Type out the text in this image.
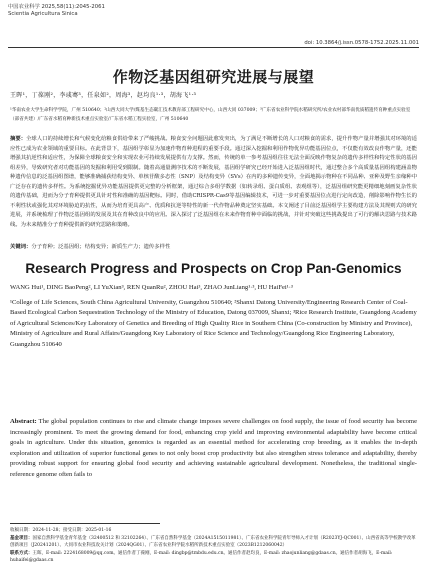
中国农业科学 2025,58(11):2045-2061
Scientia Agricultura Sinica
doi: 10.3864/j.issn.0578-1752.2025.11.001
作物泛基因组研究进展与展望
王晖¹，丁葆刚²，李彧骞³，任泉如²，周海³，赵均良¹·³，胡海飞¹·³
¹华南农业大学生命科学学院，广州 510640；²山西大同大学/煤基生态碳汇技术教育部工程研究中心，山西大同 037009；³广东省农业科学院水稻研究所/农业农村部华南优质稻遗传育种重点实验室（部省共建）/广东省水稻育种新技术重点实验室/广东省水稻工程实验室，广州 510640
摘要：全球人口的持续增长和气候变化给粮食供给带来了严峻挑战。粮食安全问题因此愈发突出，为了满足不断增长的人口对粮食的需求，提升作物产量并增强其对环境的适应性已成为农业领域的重要目标。在此背景下，基因组学彰显为加速作物育种进程的重要手段。通过深入挖掘和利用作物优异功能基因位点，不仅能有效改良作物产量，还能增强其抗逆性和适应性，为保障全球粮食安全和实现农业可持续发展提供有力支撑。然而，传统的单一参考基因组往往无法全面反映作物复杂的遗传多样性和特定性状的基因组差异，导致研究者对功能基因的发掘和利用受到限制。随着高通量测序技术的不断发展，基因组学研究已经开始进入泛基因组时代，通过整合多个高质量基因组构建涵盖物种遗传信息的泛基因组图谱，能够准确捕获结构变异、单核苷酸多态性（SNP）及结构变异（SVs）在内的多种遗传变异，全面地揭示物种在不同品种、亚种及野生亲缘种中广泛存在的遗传多样性。为系统挖掘优异功能基因提供更完整的分析框架，通过综合多组学数据（如转录组、蛋白质组、表观组等），泛基因组研究能更精细地刻画复杂性状的遗传基础，进而为分子育种提供更具针对性和准确的基因靶标。同时，借助CRISPR-Cas9等基因编辑技术，可进一步对重要基因位点进行定向改造，削除影响作物生长的不利性状或强化其对环境胁迫的抗性，从而为培育更具高产、优质和抗逆等特性的新一代作物品种奠定坚实基础。本文阐述了目前泛基因组学主要构建方法及其规则式的研究进展，并系统梳理了作物泛基因组的发展及其在育种改良中的应用。深入探讨了泛基因组在未来作物育种中面临的挑战，并针对突破这些挑战提出了可行的解决思路与技术路线。为未来精准分子育种提供新的研究思路和策略。
关键词：分子育种；泛基因组；结构变异；新质生产力；遗传多样性
Research Progress and Prospects on Crop Pan-Genomics
WANG Hui¹, DING BaoPeng², LI YuXian³, REN QuanRu², ZHOU Hai³, ZHAO JunLiang¹·³, HU HaiFei¹·³
¹College of Life Sciences, South China Agricultural University, Guangzhou 510640; ²Shanxi Datong University/Engineering Research Center of Coal-Based Ecological Carbon Sequestration Technology of the Ministry of Education, Datong 037009, Shanxi; ³Rice Research Institute, Guangdong Academy of Agricultural Sciences/Key Laboratory of Genetics and Breeding of High Quality Rice in Southern China (Co-construction by Ministry and Province), Ministry of Agriculture and Rural Affairs/Guangdong Key Laboratory of Rice Science and Technology/Guangdong Rice Engineering Laboratory, Guangzhou 510640
Abstract: The global population continues to rise and climate change imposes severe challenges on food supply, the issue of food security has become increasingly prominent. To meet the growing demand for food, enhancing crop yield and improving environmental adaptability have become critical goals in agriculture. Under this situation, genomics is regarded as an essential method for accelerating crop breeding, as it enables the in-depth exploration and utilization of superior functional genes to not only boost crop productivity but also strengthen stress tolerance and adaptability, thereby providing robust support for ensuring global food security and achieving sustainable agricultural development. Nonetheless, the traditional single-reference genome often fails to
收稿日期：2024-11-28；接受日期：2025-01-16
基金项目：国家自然科学基金青年基金（32400512 和 32102264）、广东省自然科学基金（2024A1515011981）、广东省农业科学院青年导师入才计划（R2023YJ-QC001）、山西省高等学校教学改革创新项目（J20241201）、大同市农业科技攻关计划（2024QG01）、广东省农业科学院水稻所新技术重点实验室（2023B1212060042）
联系方式：王晖，E-mail: 2224168009@qq.com。通信作者丁葆刚，E-mail: dingbp@tmbdu.edu.cn。通信作者赵均良，E-mail: zhaojunliang@gdaas.cn。通信作者胡海飞，E-mail: huhaifei@gdaas.cn
